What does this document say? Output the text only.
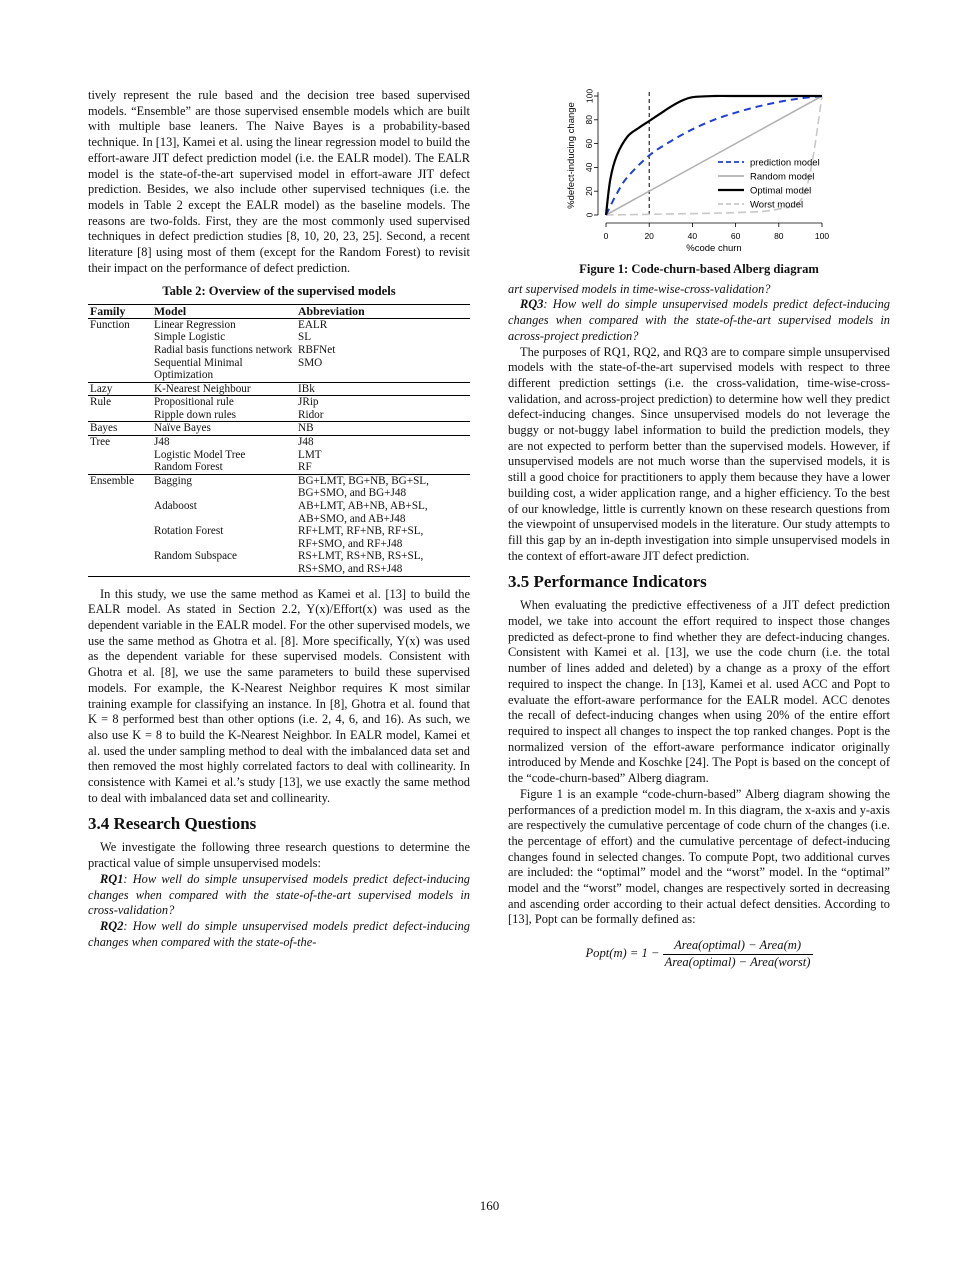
tively represent the rule based and the decision tree based supervised models. “Ensemble” are those supervised ensemble models which are built with multiple base leaners. The Naive Bayes is a probability-based technique. In [13], Kamei et al. using the linear regression model to build the effort-aware JIT defect prediction model (i.e. the EALR model). The EALR model is the state-of-the-art supervised model in effort-aware JIT defect prediction. Besides, we also include other supervised techniques (i.e. the models in Table 2 except the EALR model) as the baseline models. The reasons are two-folds. First, they are the most commonly used supervised techniques in defect prediction studies [8, 10, 20, 23, 25]. Second, a recent literature [8] using most of them (except for the Random Forest) to revisit their impact on the performance of defect prediction.

Table 2: Overview of the supervised models
Family	Model	Abbreviation
Function	Linear Regression	EALR
	Simple Logistic	SL
	Radial basis functions network	RBFNet
	Sequential Minimal Optimization	SMO
Lazy	K-Nearest Neighbour	IBk
Rule	Propositional rule	JRip
	Ripple down rules	Ridor
Bayes	Naïve Bayes	NB
Tree	J48	J48
	Logistic Model Tree	LMT
	Random Forest	RF
Ensemble	Bagging	BG+LMT, BG+NB, BG+SL, BG+SMO, and BG+J48
	Adaboost	AB+LMT, AB+NB, AB+SL, AB+SMO, and AB+J48
	Rotation Forest	RF+LMT, RF+NB, RF+SL, RF+SMO, and RF+J48
	Random Subspace	RS+LMT, RS+NB, RS+SL, RS+SMO, and RS+J48

In this study, we use the same method as Kamei et al. [13] to build the EALR model. As stated in Section 2.2, Y(x)/Effort(x) was used as the dependent variable in the EALR model. For the other supervised models, we use the same method as Ghotra et al. [8]. More specifically, Y(x) was used as the dependent variable for these supervised models. Consistent with Ghotra et al. [8], we use the same parameters to build these supervised models. For example, the K-Nearest Neighbor requires K most similar training example for classifying an instance. In [8], Ghotra et al. found that K = 8 performed best than other options (i.e. 2, 4, 6, and 16). As such, we also use K = 8 to build the K-Nearest Neighbor. In EALR model, Kamei et al. used the under sampling method to deal with the imbalanced data set and then removed the most highly correlated factors to deal with collinearity. In consistence with Kamei et al.’s study [13], we use exactly the same method to deal with imbalanced data set and collinearity.

3.4 Research Questions

We investigate the following three research questions to determine the practical value of simple unsupervised models:

RQ1: How well do simple unsupervised models predict defect-inducing changes when compared with the state-of-the-art supervised models in cross-validation?

RQ2: How well do simple unsupervised models predict defect-inducing changes when compared with the state-of-the-

0	20	40	60	80	100
0
20
40
60
80
100
%code churn
%defect-inducing change	prediction model
Random model
Optimal model
Worst model
Figure 1: Code-churn-based Alberg diagram

art supervised models in time-wise-cross-validation?

RQ3: How well do simple unsupervised models predict defect-inducing changes when compared with the state-of-the-art supervised models in across-project prediction?

The purposes of RQ1, RQ2, and RQ3 are to compare simple unsupervised models with the state-of-the-art supervised models with respect to three different prediction settings (i.e. the cross-validation, time-wise-cross-validation, and across-project prediction) to determine how well they predict defect-inducing changes. Since unsupervised models do not leverage the buggy or not-buggy label information to build the prediction models, they are not expected to perform better than the supervised models. However, if unsupervised models are not much worse than the supervised models, it is still a good choice for practitioners to apply them because they have a lower building cost, a wider application range, and a higher efficiency. To the best of our knowledge, little is currently known on these research questions from the viewpoint of unsupervised models in the literature. Our study attempts to fill this gap by an in-depth investigation into simple unsupervised models in the context of effort-aware JIT defect prediction.

3.5 Performance Indicators

When evaluating the predictive effectiveness of a JIT defect prediction model, we take into account the effort required to inspect those changes predicted as defect-prone to find whether they are defect-inducing changes. Consistent with Kamei et al. [13], we use the code churn (i.e. the total number of lines added and deleted) by a change as a proxy of the effort required to inspect the change. In [13], Kamei et al. used ACC and Popt to evaluate the effort-aware performance for the EALR model. ACC denotes the recall of defect-inducing changes when using 20% of the entire effort required to inspect all changes to inspect the top ranked changes. Popt is the normalized version of the effort-aware performance indicator originally introduced by Mende and Koschke [24]. The Popt is based on the concept of the “code-churn-based” Alberg diagram.

Figure 1 is an example “code-churn-based” Alberg diagram showing the performances of a prediction model m. In this diagram, the x-axis and y-axis are respectively the cumulative percentage of code churn of the changes (i.e. the percentage of effort) and the cumulative percentage of defect-inducing changes found in selected changes. To compute Popt, two additional curves are included: the “optimal” model and the “worst” model. In the “optimal” model and the “worst” model, changes are respectively sorted in decreasing and ascending order according to their actual defect densities. According to [13], Popt can be formally defined as:

Popt(m) = $1 - \frac{\text{Area(optimal) − Area(m)}}{\text{Area(optimal) − Area(worst)}}$
160
